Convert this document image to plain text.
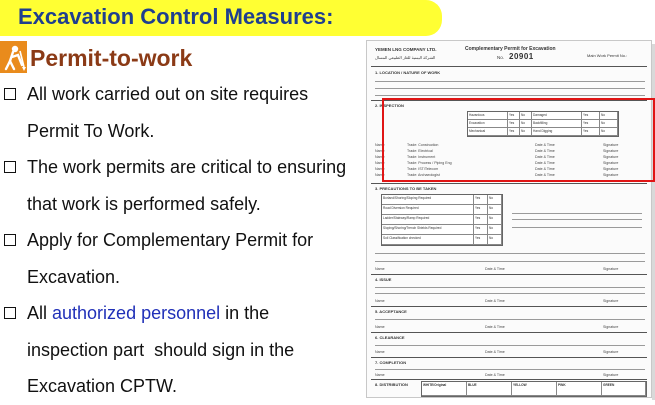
Excavation Control Measures:
Permit-to-work
All work carried out on site requires
Permit To Work.
The work permits are critical to ensuring
that work is performed safely.
Apply for Complementary Permit for
Excavation.
All authorized personnel in the
inspection part  should sign in the
Excavation CPTW.
YEMEN LNG COMPANY LTD.
الشركة اليمنية للغاز الطبيعي المسال
Complementary Permit for Excavation
No. 20901	Main Work Permit No.:
1. LOCATION / NATURE OF WORK
2. INSPECTION
Hazardous	Yes	No	Damaged	Yes	No
Excavation	Yes	No	Backfilling	Yes	No
Mechanical	Yes	No	Hand Digging	Yes	No
Name	Trade: Construction	Date & Time	Signature
Name	Trade: Electrical	Date & Time	Signature
Name	Trade: Instrument	Date & Time	Signature
Name	Trade: Process / Piping Eng	Date & Time	Signature
Name	Trade: IST/Telecom	Date & Time	Signature
Name	Trade: Archaeologist	Date & Time	Signature
3. PRECAUTIONS TO BE TAKEN
Borland/Shoring/Sloping Required	Yes	No
Road Diversion Required	Yes	No
Ladder/Stairway/Ramp Required	Yes	No
Sloping/Shoring/Trench Shields Required	Yes	No
Soil Classification checked	Yes	No
Name	Date & Time	Signature
4. ISSUE
Name	Date & Time	Signature
5. ACCEPTANCE
Name	Date & Time	Signature
6. CLEARANCE
Name	Date & Time	Signature
7. COMPLETION
Name	Date & Time	Signature
8. DISTRIBUTION	WHITE/Original	BLUE	YELLOW	PINK	GREEN
